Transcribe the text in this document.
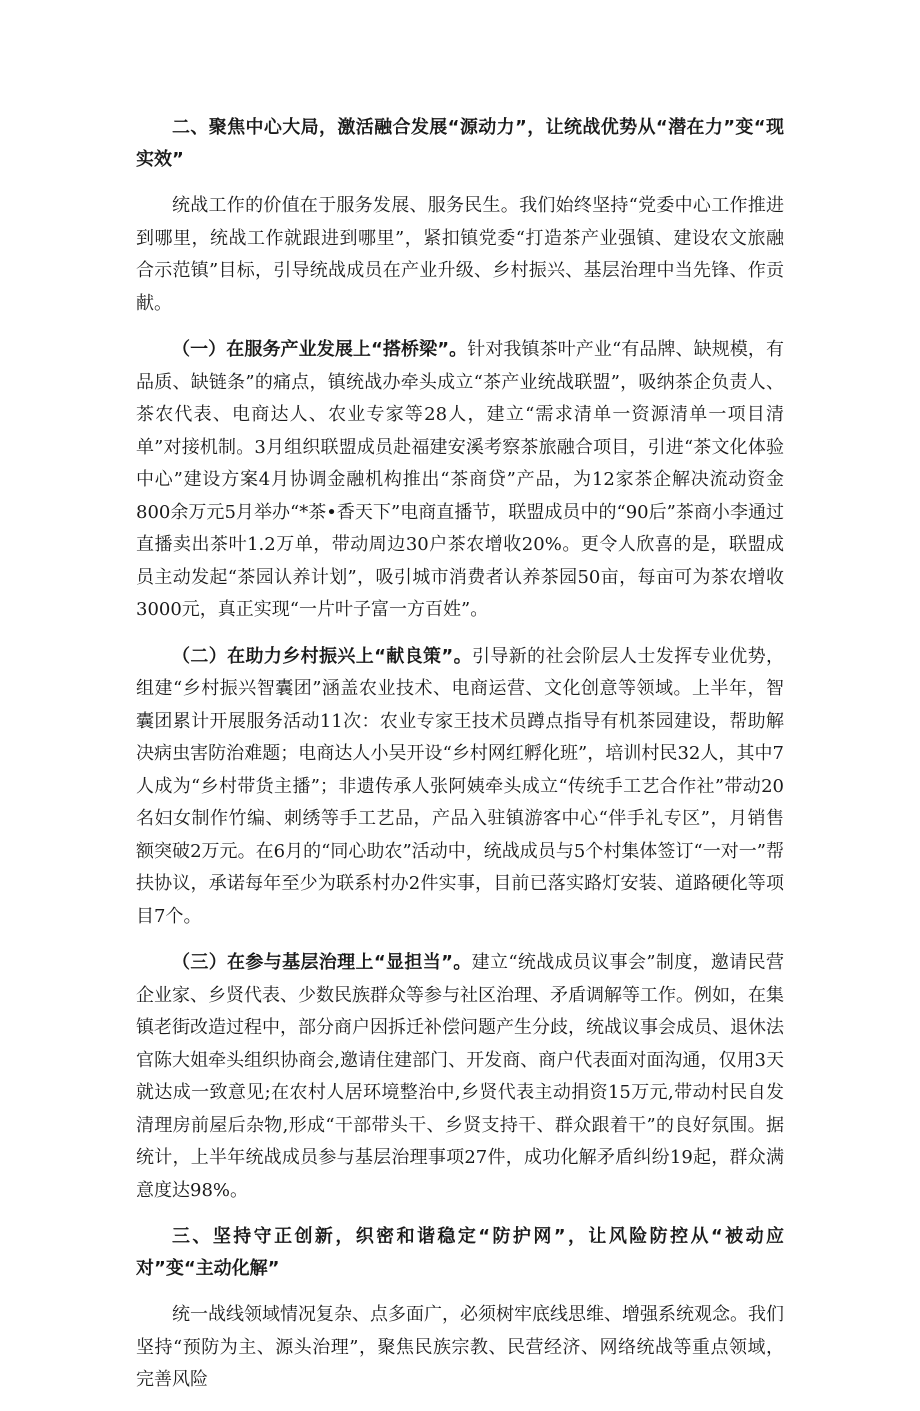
二、聚焦中心大局，激活融合发展“源动力”，让统战优势从“潜在力”变“现实效”

统战工作的价值在于服务发展、服务民生。我们始终坚持“党委中心工作推进到哪里，统战工作就跟进到哪里”，紧扣镇党委“打造茶产业强镇、建设农文旅融合示范镇”目标，引导统战成员在产业升级、乡村振兴、基层治理中当先锋、作贡献。

（一）在服务产业发展上“搭桥梁”。针对我镇茶叶产业“有品牌、缺规模，有品质、缺链条”的痛点，镇统战办牵头成立“茶产业统战联盟”，吸纳茶企负责人、茶农代表、电商达人、农业专家等28人，建立“需求清单一资源清单一项目清单”对接机制。3月组织联盟成员赴福建安溪考察茶旅融合项目，引进“茶文化体验中心”建设方案4月协调金融机构推出“茶商贷”产品，为12家茶企解决流动资金800余万元5月举办“*茶•香天下”电商直播节，联盟成员中的“90后”茶商小李通过直播卖出茶叶1.2万单，带动周边30户茶农增收20%。更令人欣喜的是，联盟成员主动发起“茶园认养计划”，吸引城市消费者认养茶园50亩，每亩可为茶农增收3000元，真正实现“一片叶子富一方百姓”。

（二）在助力乡村振兴上“献良策”。引导新的社会阶层人士发挥专业优势，组建“乡村振兴智囊团”涵盖农业技术、电商运营、文化创意等领域。上半年，智囊团累计开展服务活动11次：农业专家王技术员蹲点指导有机茶园建设，帮助解决病虫害防治难题；电商达人小吴开设“乡村网红孵化班”，培训村民32人，其中7人成为“乡村带货主播”；非遗传承人张阿姨牵头成立“传统手工艺合作社”带动20名妇女制作竹编、刺绣等手工艺品，产品入驻镇游客中心“伴手礼专区”，月销售额突破2万元。在6月的“同心助农”活动中，统战成员与5个村集体签订“一对一”帮扶协议，承诺每年至少为联系村办2件实事，目前已落实路灯安装、道路硬化等项目7个。

（三）在参与基层治理上“显担当”。建立“统战成员议事会”制度，邀请民营企业家、乡贤代表、少数民族群众等参与社区治理、矛盾调解等工作。例如，在集镇老街改造过程中，部分商户因拆迁补偿问题产生分歧，统战议事会成员、退休法官陈大姐牵头组织协商会,邀请住建部门、开发商、商户代表面对面沟通，仅用3天就达成一致意见;在农村人居环境整治中,乡贤代表主动捐资15万元,带动村民自发清理房前屋后杂物,形成“干部带头干、乡贤支持干、群众跟着干”的良好氛围。据统计，上半年统战成员参与基层治理事项27件，成功化解矛盾纠纷19起，群众满意度达98%。

三、坚持守正创新，织密和谐稳定“防护网”，让风险防控从“被动应对”变“主动化解”

统一战线领域情况复杂、点多面广，必须树牢底线思维、增强系统观念。我们坚持“预防为主、源头治理”，聚焦民族宗教、民营经济、网络统战等重点领域，完善风险
